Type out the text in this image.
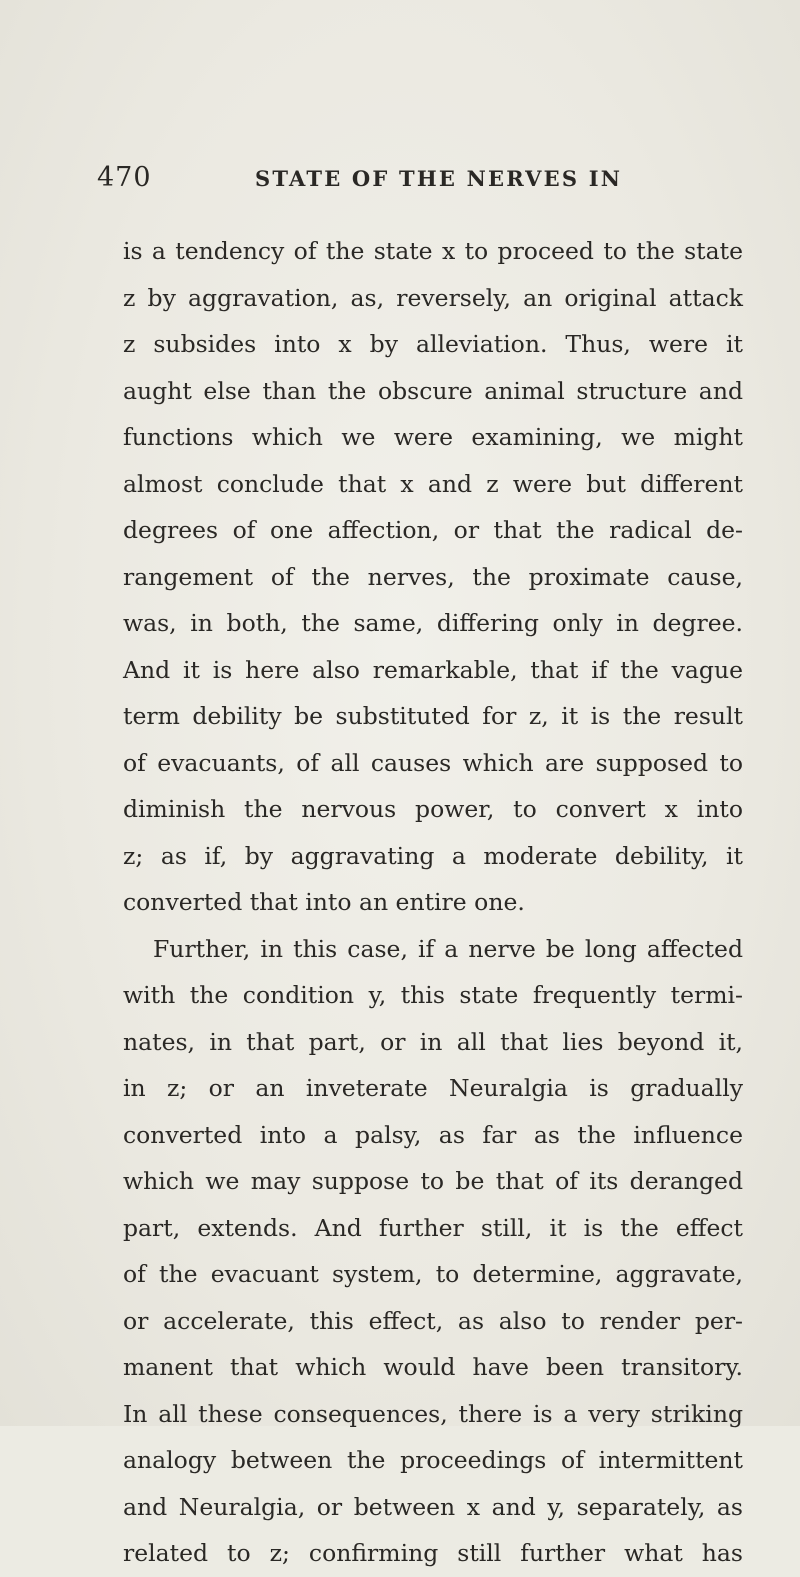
470	STATE OF THE NERVES IN
is a tendency of the state x to proceed to the state
z by aggravation, as, reversely, an original attack
z subsides into x by alleviation. Thus, were it
aught else than the obscure animal structure and
functions which we were examining, we might
almost conclude that x and z were but different
degrees of one affection, or that the radical de-
rangement of the nerves, the proximate cause,
was, in both, the same, differing only in degree.
And it is here also remarkable, that if the vague
term debility be substituted for z, it is the result
of evacuants, of all causes which are supposed to
diminish the nervous power, to convert x into
z; as if, by aggravating a moderate debility, it
converted that into an entire one.
Further, in this case, if a nerve be long affected
with the condition y, this state frequently termi-
nates, in that part, or in all that lies beyond it,
in z; or an inveterate Neuralgia is gradually
converted into a palsy, as far as the influence
which we may suppose to be that of its deranged
part, extends. And further still, it is the effect
of the evacuant system, to determine, aggravate,
or accelerate, this effect, as also to render per-
manent that which would have been transitory.
In all these consequences, there is a very striking
analogy between the proceedings of intermittent
and Neuralgia, or between x and y, separately, as
related to z; confirming still further what has
